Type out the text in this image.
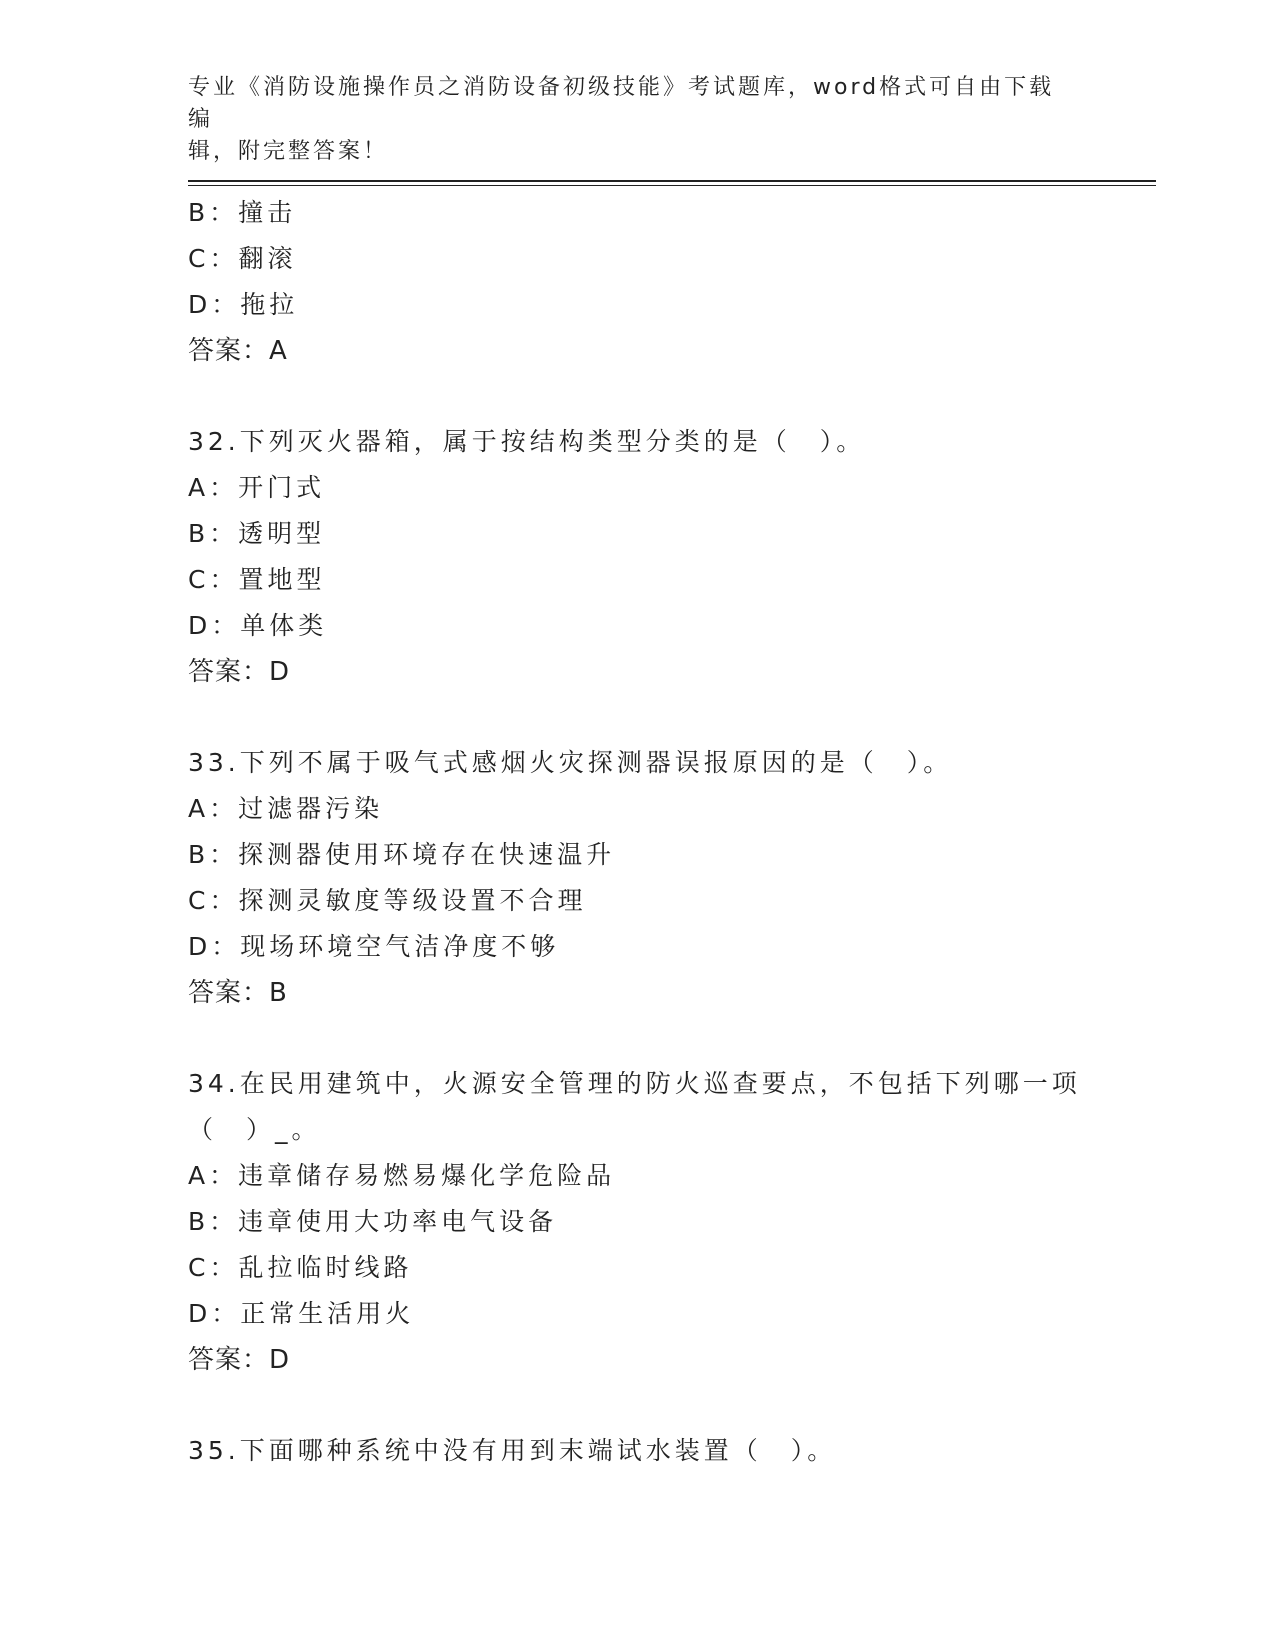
专业《消防设施操作员之消防设备初级技能》考试题库，word格式可自由下载编
辑，附完整答案！
B：撞击
C：翻滚
D：拖拉
答案：A
32.下列灭火器箱，属于按结构类型分类的是（　）。
A：开门式
B：透明型
C：置地型
D：单体类
答案：D
33.下列不属于吸气式感烟火灾探测器误报原因的是（　）。
A：过滤器污染
B：探测器使用环境存在快速温升
C：探测灵敏度等级设置不合理
D：现场环境空气洁净度不够
答案：B
34.在民用建筑中，火源安全管理的防火巡查要点，不包括下列哪一项
（　）_。
A：违章储存易燃易爆化学危险品
B：违章使用大功率电气设备
C：乱拉临时线路
D：正常生活用火
答案：D
35.下面哪种系统中没有用到末端试水装置（　）。
